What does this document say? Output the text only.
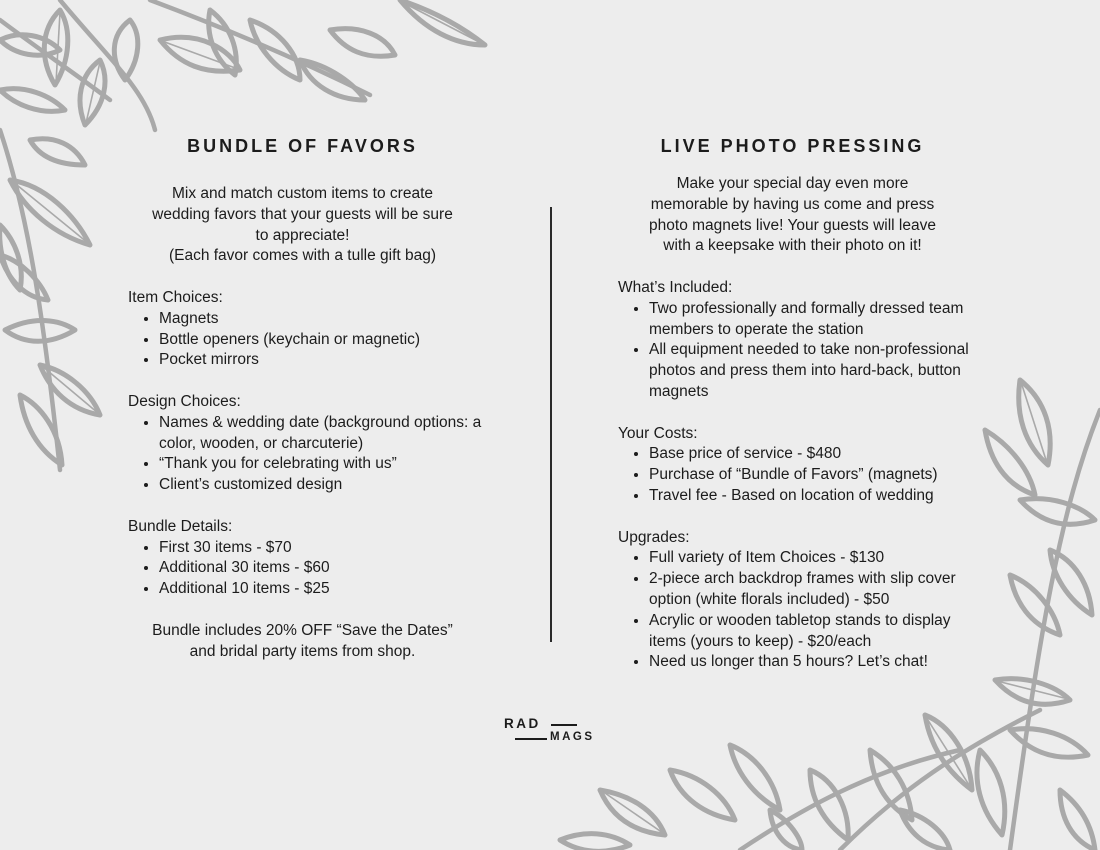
BUNDLE OF FAVORS

Mix and match custom items to create
wedding favors that your guests will be sure
to appreciate!
(Each favor comes with a tulle gift bag)

Item Choices:

• Magnets
• Bottle openers (keychain or magnetic)
• Pocket mirrors

Design Choices:

• Names & wedding date (background options: a color, wooden, or charcuterie)
• “Thank you for celebrating with us”
• Client’s customized design

Bundle Details:

• First 30 items - $70
• Additional 30 items - $60
• Additional 10 items - $25

Bundle includes 20% OFF “Save the Dates”
and bridal party items from shop.

LIVE PHOTO PRESSING

Make your special day even more
memorable by having us come and press
photo magnets live! Your guests will leave
with a keepsake with their photo on it!

What’s Included:

• Two professionally and formally dressed team members to operate the station
• All equipment needed to take non-professional photos and press them into hard-back, button magnets

Your Costs:

• Base price of service - $480
• Purchase of “Bundle of Favors” (magnets)
• Travel fee - Based on location of wedding

Upgrades:

• Full variety of Item Choices - $130
• 2-piece arch backdrop frames with slip cover option (white florals included) - $50
• Acrylic or wooden tabletop stands to display items (yours to keep) - $20/each
• Need us longer than 5 hours? Let’s chat!
RAD
MAGS
